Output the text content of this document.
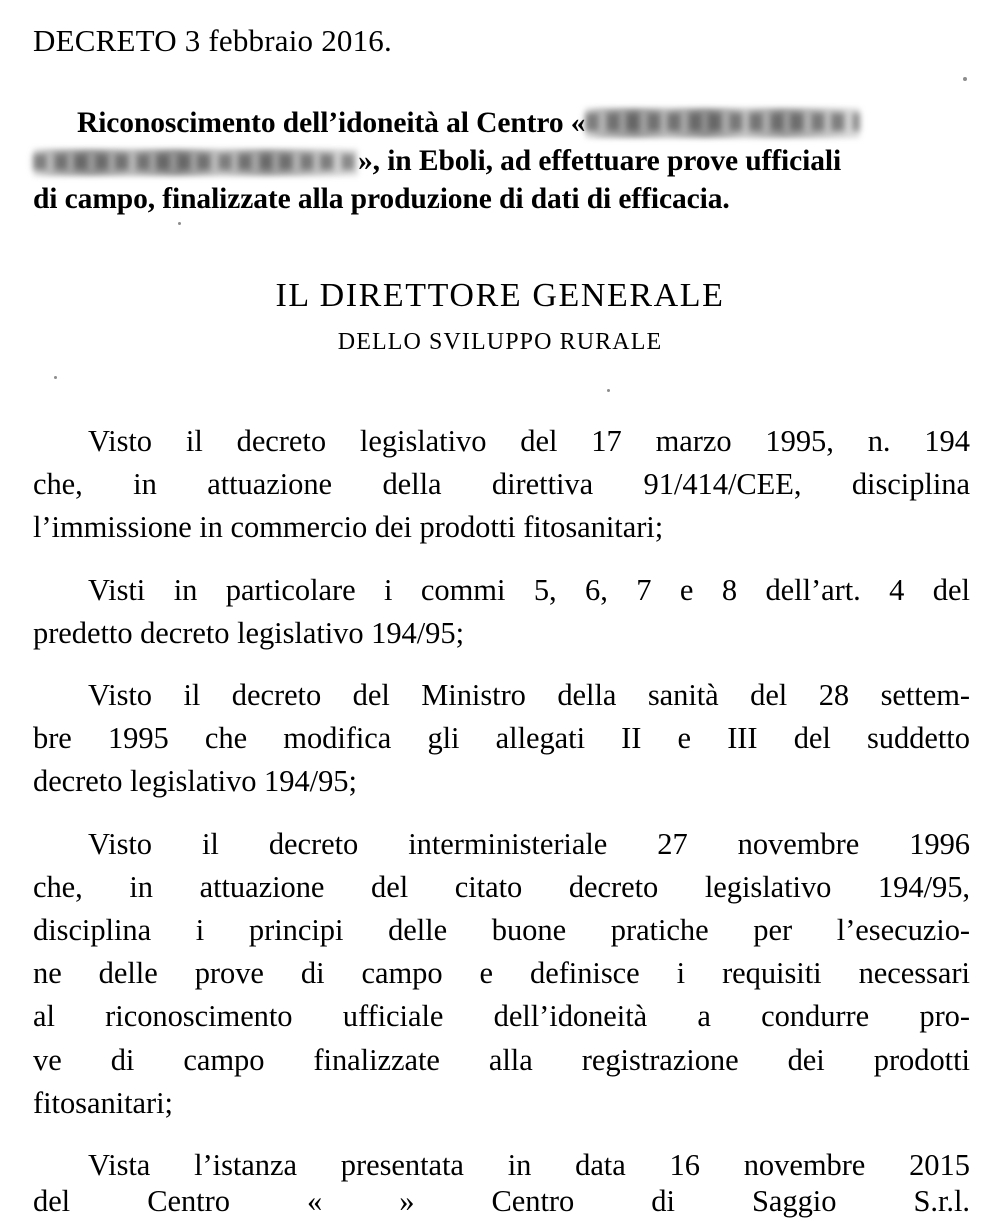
DECRETO 3 febbraio 2016.
Riconoscimento dell’idoneità al Centro «
», in Eboli, ad effettuare prove ufficiali
di campo, finalizzate alla produzione di dati di efficacia.
IL DIRETTORE GENERALE
DELLO SVILUPPO RURALE

Visto il decreto legislativo del 17 marzo 1995, n. 194
che, in attuazione della direttiva 91/414/CEE, disciplina
l’immissione in commercio dei prodotti fitosanitari;

Visti in particolare i commi 5, 6, 7 e 8 dell’art. 4 del
predetto decreto legislativo 194/95;

Visto il decreto del Ministro della sanità del 28 settem-
bre 1995 che modifica gli allegati II e III del suddetto
decreto legislativo 194/95;

Visto il decreto interministeriale 27 novembre 1996
che, in attuazione del citato decreto legislativo 194/95,
disciplina i principi delle buone pratiche per l’esecuzio-
ne delle prove di campo e definisce i requisiti necessari
al riconoscimento ufficiale dell’idoneità a condurre pro-
ve di campo finalizzate alla registrazione dei prodotti
fitosanitari;

Vista l’istanza presentata in data 16 novembre 2015

del	Centro	«	»	Centro	di	Saggio	S.r.l.
